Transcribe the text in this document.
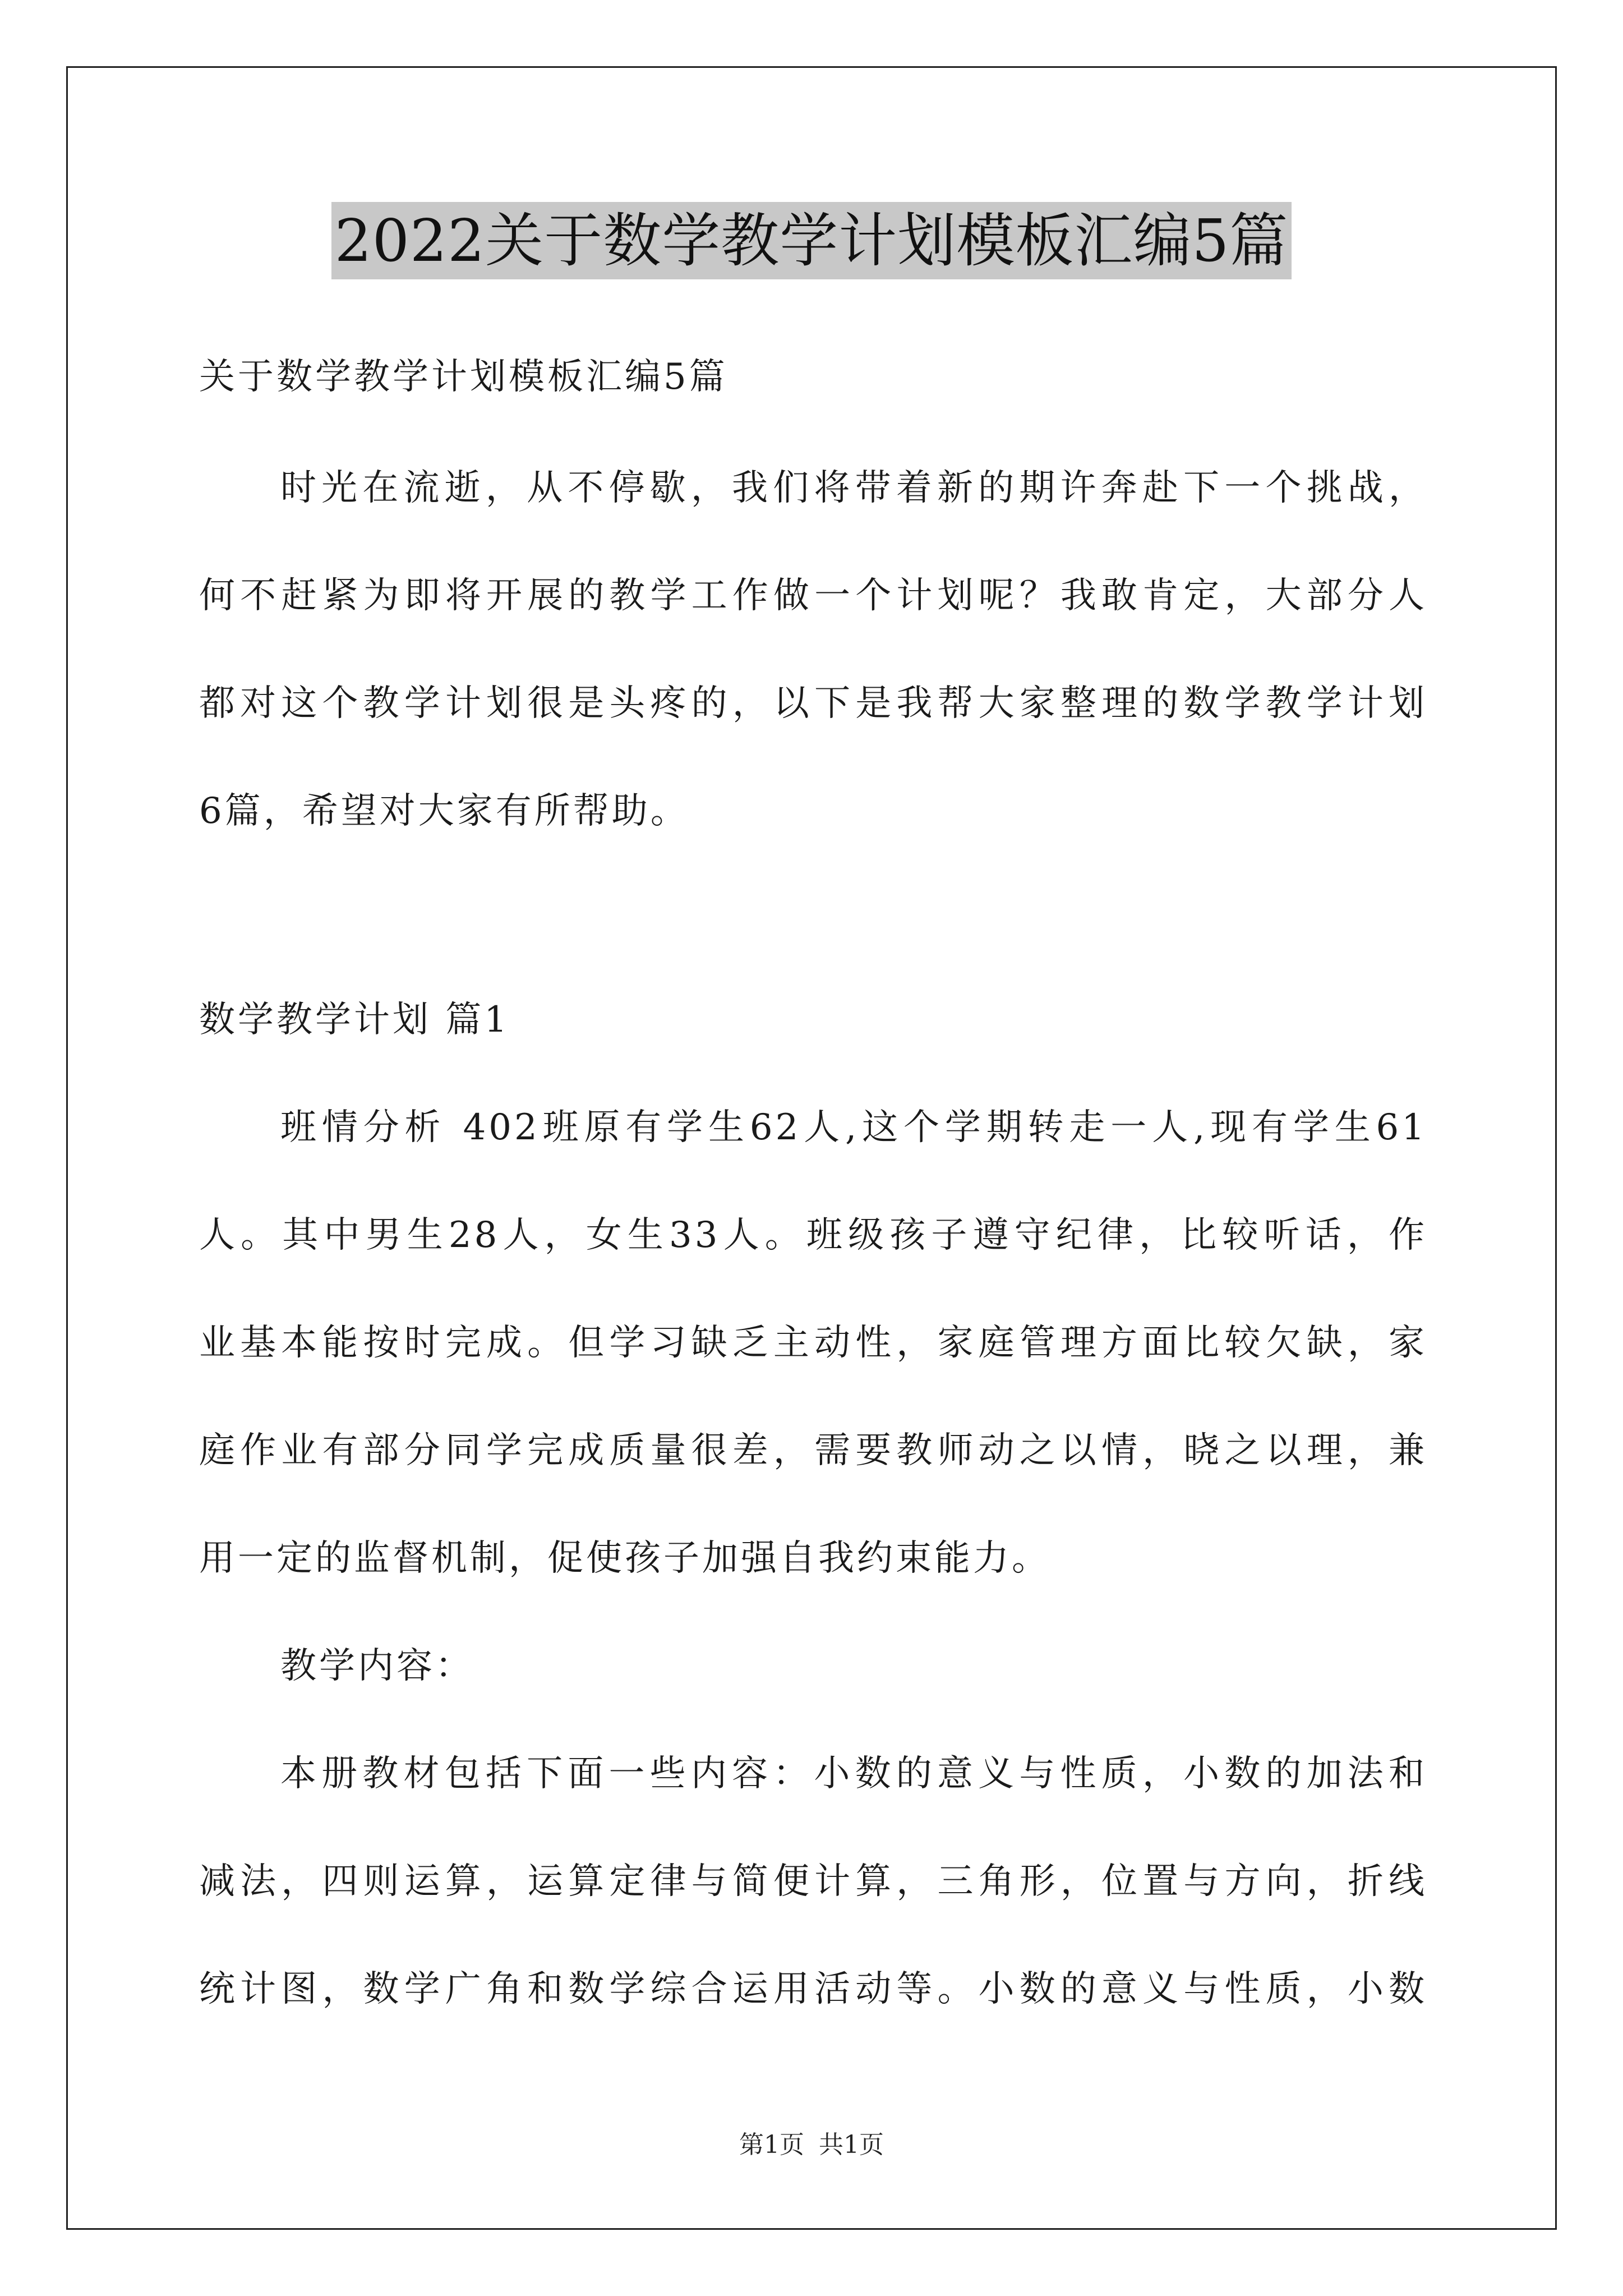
2022关于数学教学计划模板汇编5篇
关于数学教学计划模板汇编5篇
时光在流逝，从不停歇，我们将带着新的期许奔赴下一个挑战，
何不赶紧为即将开展的教学工作做一个计划呢？我敢肯定，大部分人
都对这个教学计划很是头疼的，以下是我帮大家整理的数学教学计划
6篇，希望对大家有所帮助。
数学教学计划 篇1
班情分析 402班原有学生62人,这个学期转走一人,现有学生61
人。其中男生28人，女生33人。班级孩子遵守纪律，比较听话，作
业基本能按时完成。但学习缺乏主动性，家庭管理方面比较欠缺，家
庭作业有部分同学完成质量很差，需要教师动之以情，晓之以理，兼
用一定的监督机制，促使孩子加强自我约束能力。
教学内容：
本册教材包括下面一些内容：小数的意义与性质，小数的加法和
减法，四则运算，运算定律与简便计算，三角形，位置与方向，折线
统计图，数学广角和数学综合运用活动等。小数的意义与性质，小数
第1页 共1页
